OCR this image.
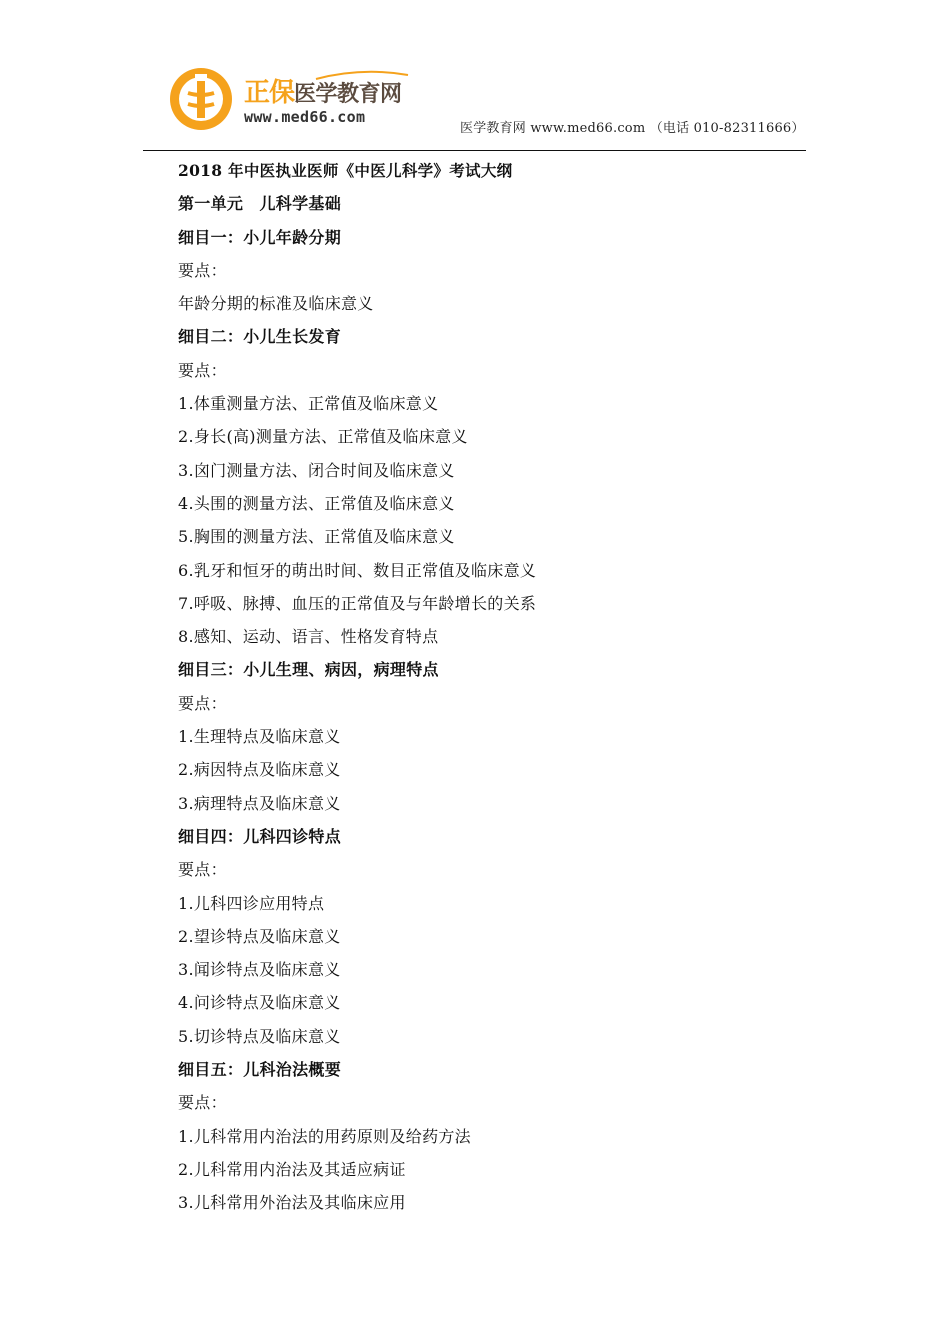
正保医学教育网
www.med66.com
医学教育网 www.med66.com （电话 010-82311666）
2018 年中医执业医师《中医儿科学》考试大纲
第一单元　儿科学基础
细目一：小儿年龄分期
要点：
年龄分期的标准及临床意义
细目二：小儿生长发育
要点：
1.体重测量方法、正常值及临床意义
2.身长(高)测量方法、正常值及临床意义
3.囟门测量方法、闭合时间及临床意义
4.头围的测量方法、正常值及临床意义
5.胸围的测量方法、正常值及临床意义
6.乳牙和恒牙的萌出时间、数目正常值及临床意义
7.呼吸、脉搏、血压的正常值及与年龄增长的关系
8.感知、运动、语言、性格发育特点
细目三：小儿生理、病因，病理特点
要点：
1.生理特点及临床意义
2.病因特点及临床意义
3.病理特点及临床意义
细目四：儿科四诊特点
要点：
1.儿科四诊应用特点
2.望诊特点及临床意义
3.闻诊特点及临床意义
4.问诊特点及临床意义
5.切诊特点及临床意义
细目五：儿科治法概要
要点：
1.儿科常用内治法的用药原则及给药方法
2.儿科常用内治法及其适应病证
3.儿科常用外治法及其临床应用
